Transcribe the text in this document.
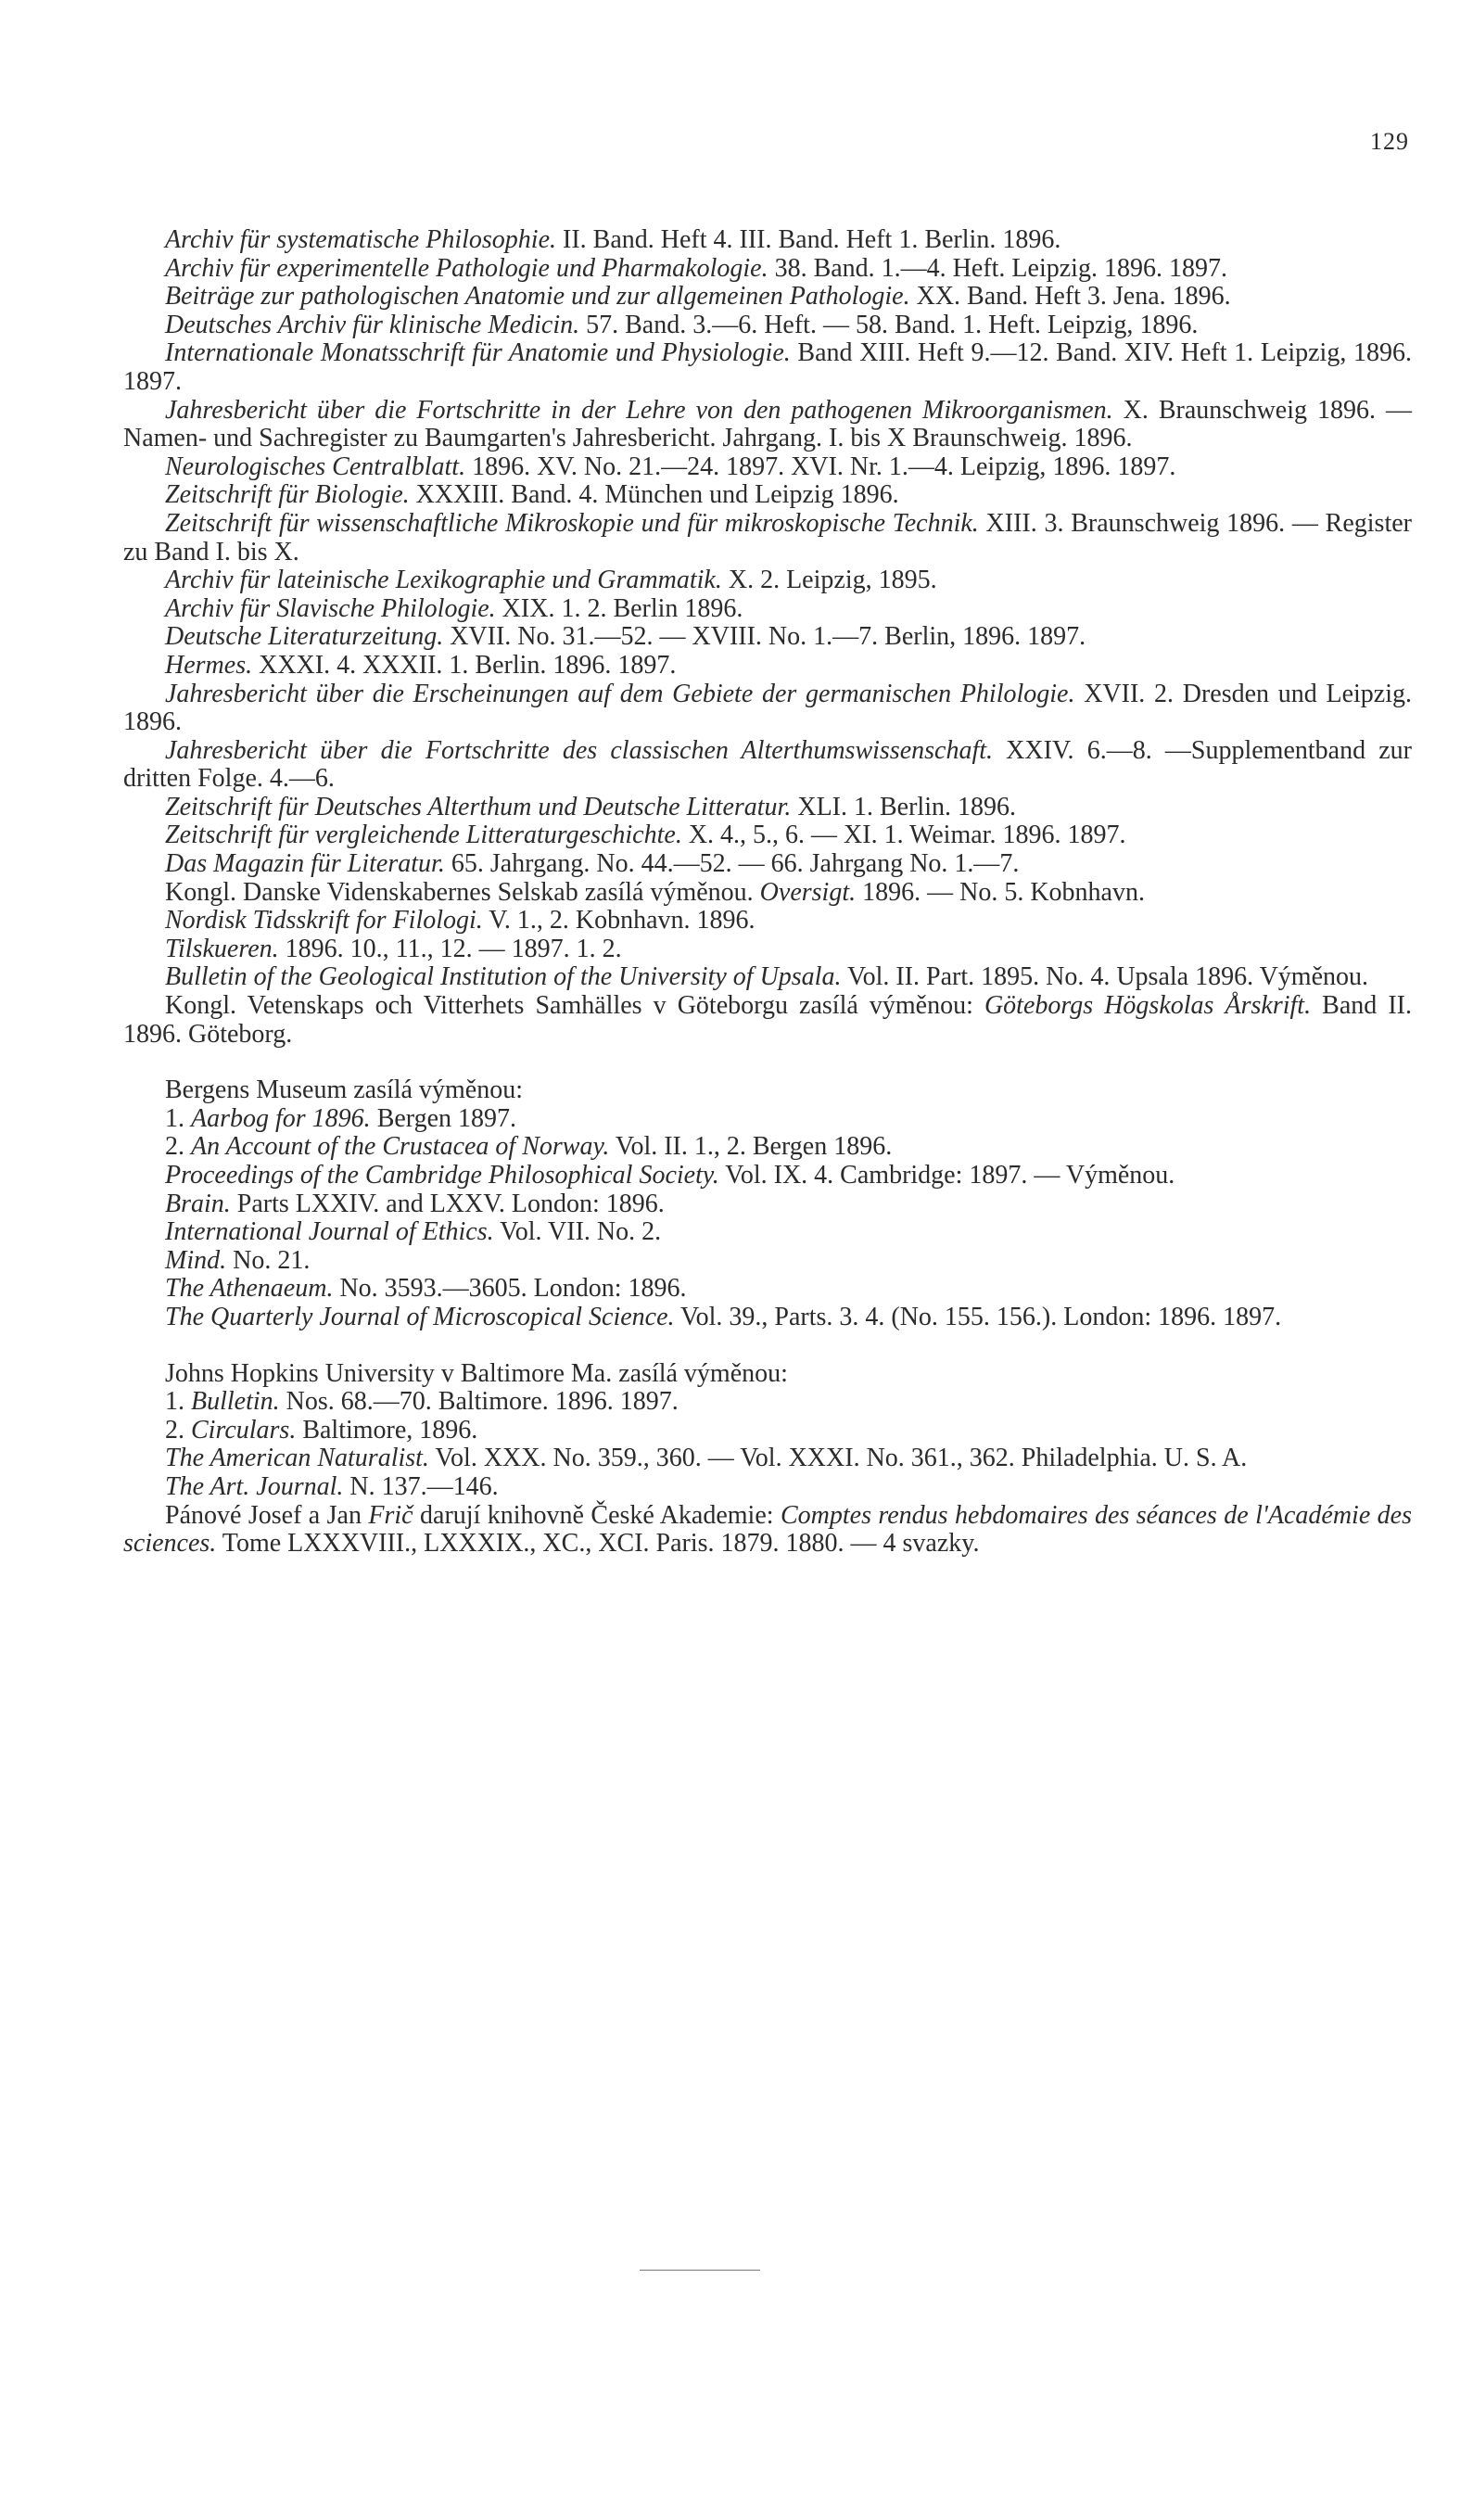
129

Archiv für systematische Philosophie. II. Band. Heft 4. III. Band. Heft 1. Berlin. 1896.

Archiv für experimentelle Pathologie und Pharmakologie. 38. Band. 1.—4. Heft. Leipzig. 1896. 1897.

Beiträge zur pathologischen Anatomie und zur allgemeinen Pathologie. XX. Band. Heft 3. Jena. 1896.

Deutsches Archiv für klinische Medicin. 57. Band. 3.—6. Heft. — 58. Band. 1. Heft. Leipzig, 1896.

Internationale Monatsschrift für Anatomie und Physiologie. Band XIII. Heft 9.—12. Band. XIV. Heft 1. Leipzig, 1896. 1897.

Jahresbericht über die Fortschritte in der Lehre von den pathogenen Mikroorganismen. X. Braunschweig 1896. — Namen- und Sachregister zu Baumgarten's Jahresbericht. Jahrgang. I. bis X Braunschweig. 1896.

Neurologisches Centralblatt. 1896. XV. No. 21.—24. 1897. XVI. Nr. 1.—4. Leipzig, 1896. 1897.

Zeitschrift für Biologie. XXXIII. Band. 4. München und Leipzig 1896.

Zeitschrift für wissenschaftliche Mikroskopie und für mikroskopische Technik. XIII. 3. Braunschweig 1896. — Register zu Band I. bis X.

Archiv für lateinische Lexikographie und Grammatik. X. 2. Leipzig, 1895.

Archiv für Slavische Philologie. XIX. 1. 2. Berlin 1896.

Deutsche Literaturzeitung. XVII. No. 31.—52. — XVIII. No. 1.—7. Berlin, 1896. 1897.

Hermes. XXXI. 4. XXXII. 1. Berlin. 1896. 1897.

Jahresbericht über die Erscheinungen auf dem Gebiete der germanischen Philologie. XVII. 2. Dresden und Leipzig. 1896.

Jahresbericht über die Fortschritte des classischen Alterthumswissenschaft. XXIV. 6.—8. —Supplementband zur dritten Folge. 4.—6.

Zeitschrift für Deutsches Alterthum und Deutsche Litteratur. XLI. 1. Berlin. 1896.

Zeitschrift für vergleichende Litteraturgeschichte. X. 4., 5., 6. — XI. 1. Weimar. 1896. 1897.

Das Magazin für Literatur. 65. Jahrgang. No. 44.—52. — 66. Jahrgang No. 1.—7.

Kongl. Danske Videnskabernes Selskab zasílá výměnou. Oversigt. 1896. — No. 5. Kobnhavn.

Nordisk Tidsskrift for Filologi. V. 1., 2. Kobnhavn. 1896.

Tilskueren. 1896. 10., 11., 12. — 1897. 1. 2.

Bulletin of the Geological Institution of the University of Upsala. Vol. II. Part. 1895. No. 4. Upsala 1896. Výměnou.

Kongl. Vetenskaps och Vitterhets Samhälles v Göteborgu zasílá výměnou: Göteborgs Högskolas Årskrift. Band II. 1896. Göteborg.

Bergens Museum zasílá výměnou:

1. Aarbog for 1896. Bergen 1897.

2. An Account of the Crustacea of Norway. Vol. II. 1., 2. Bergen 1896.

Proceedings of the Cambridge Philosophical Society. Vol. IX. 4. Cambridge: 1897. — Výměnou.

Brain. Parts LXXIV. and LXXV. London: 1896.

International Journal of Ethics. Vol. VII. No. 2.

Mind. No. 21.

The Athenaeum. No. 3593.—3605. London: 1896.

The Quarterly Journal of Microscopical Science. Vol. 39., Parts. 3. 4. (No. 155. 156.). London: 1896. 1897.

Johns Hopkins University v Baltimore Ma. zasílá výměnou:

1. Bulletin. Nos. 68.—70. Baltimore. 1896. 1897.

2. Circulars. Baltimore, 1896.

The American Naturalist. Vol. XXX. No. 359., 360. — Vol. XXXI. No. 361., 362. Philadelphia. U. S. A.

The Art. Journal. N. 137.—146.

Pánové Josef a Jan Frič darují knihovně České Akademie: Comptes rendus hebdomaires des séances de l'Académie des sciences. Tome LXXXVIII., LXXXIX., XC., XCI. Paris. 1879. 1880. — 4 svazky.
